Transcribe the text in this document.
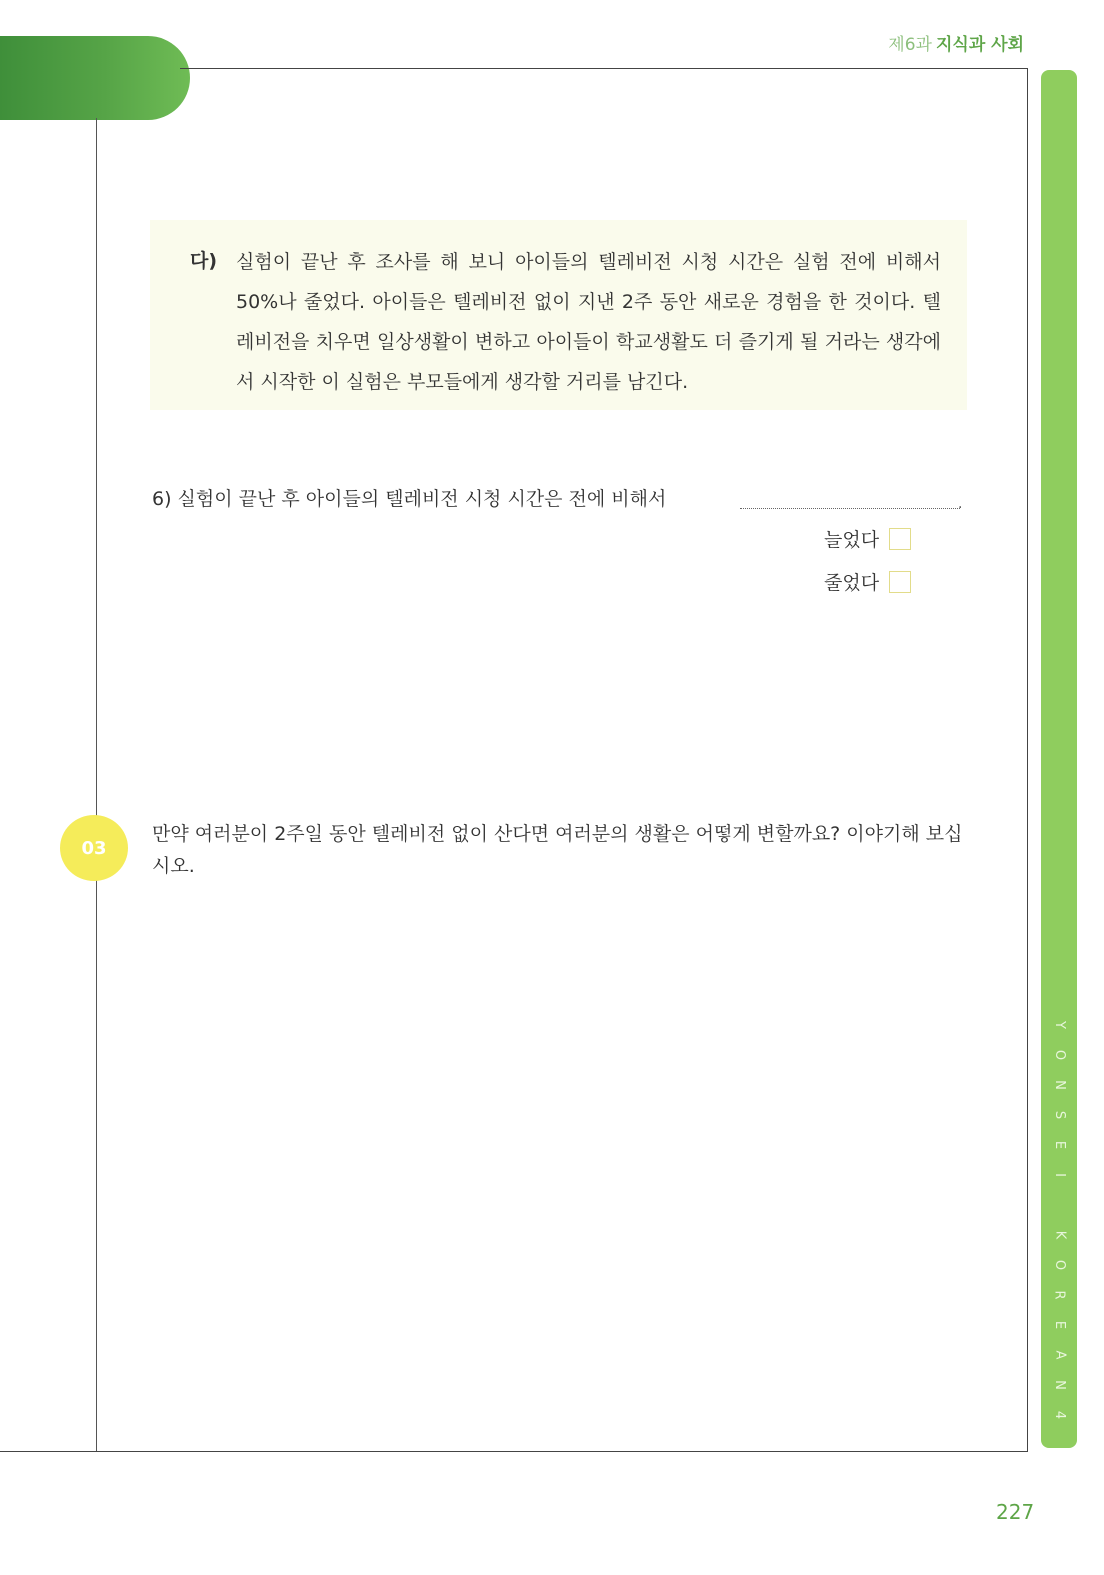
제6과 지식과 사회
Y
O
N
S
E
I
K
O
R
E
A
N
4
다) 실험이 끝난 후 조사를 해 보니 아이들의 텔레비전 시청 시간은 실험 전에 비해서 50%나 줄었다. 아이들은 텔레비전 없이 지낸 2주 동안 새로운 경험을 한 것이다. 텔레비전을 치우면 일상생활이 변하고 아이들이 학교생활도 더 즐기게 될 거라는 생각에서 시작한 이 실험은 부모들에게 생각할 거리를 남긴다.
6) 실험이 끝난 후 아이들의 텔레비전 시청 시간은 전에 비해서	.
늘었다
줄었다
03
만약 여러분이 2주일 동안 텔레비전 없이 산다면 여러분의 생활은 어떻게 변할까요? 이야기해 보십시오.
227
